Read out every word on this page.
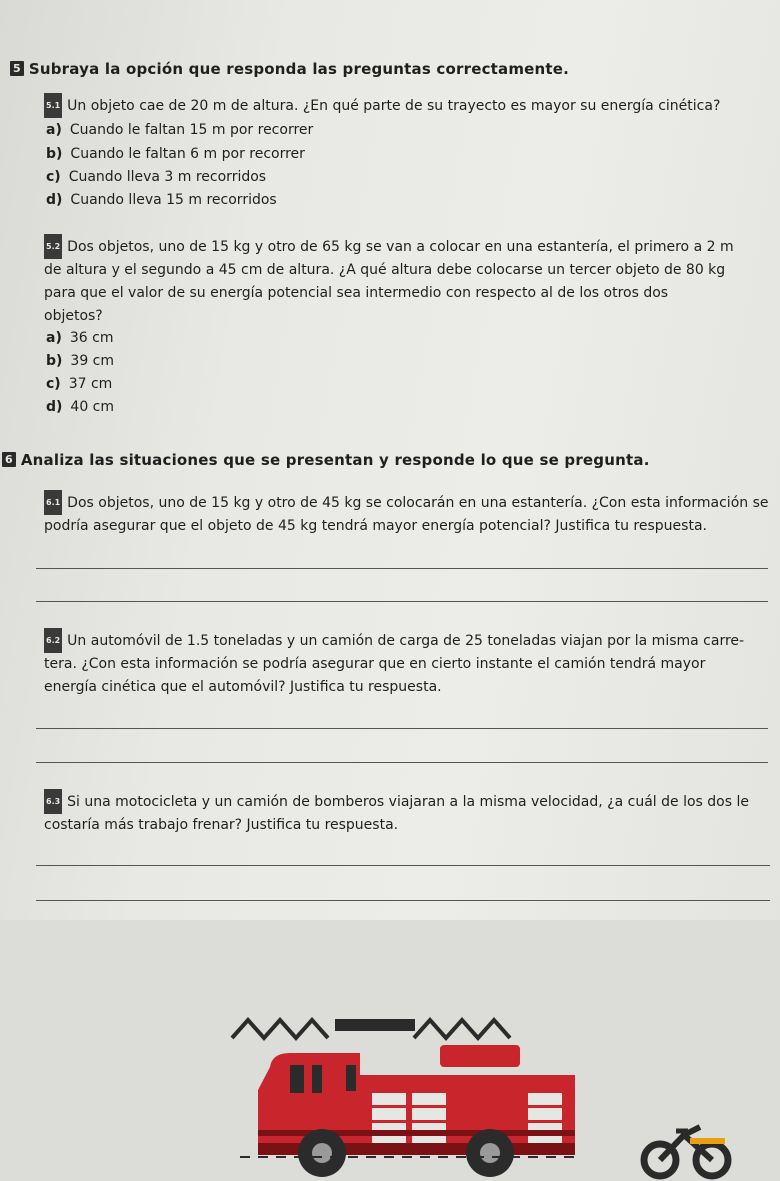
5 Subraya la opción que responda las preguntas correctamente.
5.1 Un objeto cae de 20 m de altura. ¿En qué parte de su trayecto es mayor su energía cinética?
a) Cuando le faltan 15 m por recorrer
b) Cuando le faltan 6 m por recorrer
c) Cuando lleva 3 m recorridos
d) Cuando lleva 15 m recorridos
5.2 Dos objetos, uno de 15 kg y otro de 65 kg se van a colocar en una estantería, el primero a 2 m
de altura y el segundo a 45 cm de altura. ¿A qué altura debe colocarse un tercer objeto de 80 kg
para que el valor de su energía potencial sea intermedio con respecto al de los otros dos
objetos?
a) 36 cm
b) 39 cm
c) 37 cm
d) 40 cm
6 Analiza las situaciones que se presentan y responde lo que se pregunta.
6.1 Dos objetos, uno de 15 kg y otro de 45 kg se colocarán en una estantería. ¿Con esta información se
podría asegurar que el objeto de 45 kg tendrá mayor energía potencial? Justifica tu respuesta.
6.2 Un automóvil de 1.5 toneladas y un camión de carga de 25 toneladas viajan por la misma carre-
tera. ¿Con esta información se podría asegurar que en cierto instante el camión tendrá mayor
energía cinética que el automóvil? Justifica tu respuesta.
6.3 Si una motocicleta y un camión de bomberos viajaran a la misma velocidad, ¿a cuál de los dos le
costaría más trabajo frenar? Justifica tu respuesta.
